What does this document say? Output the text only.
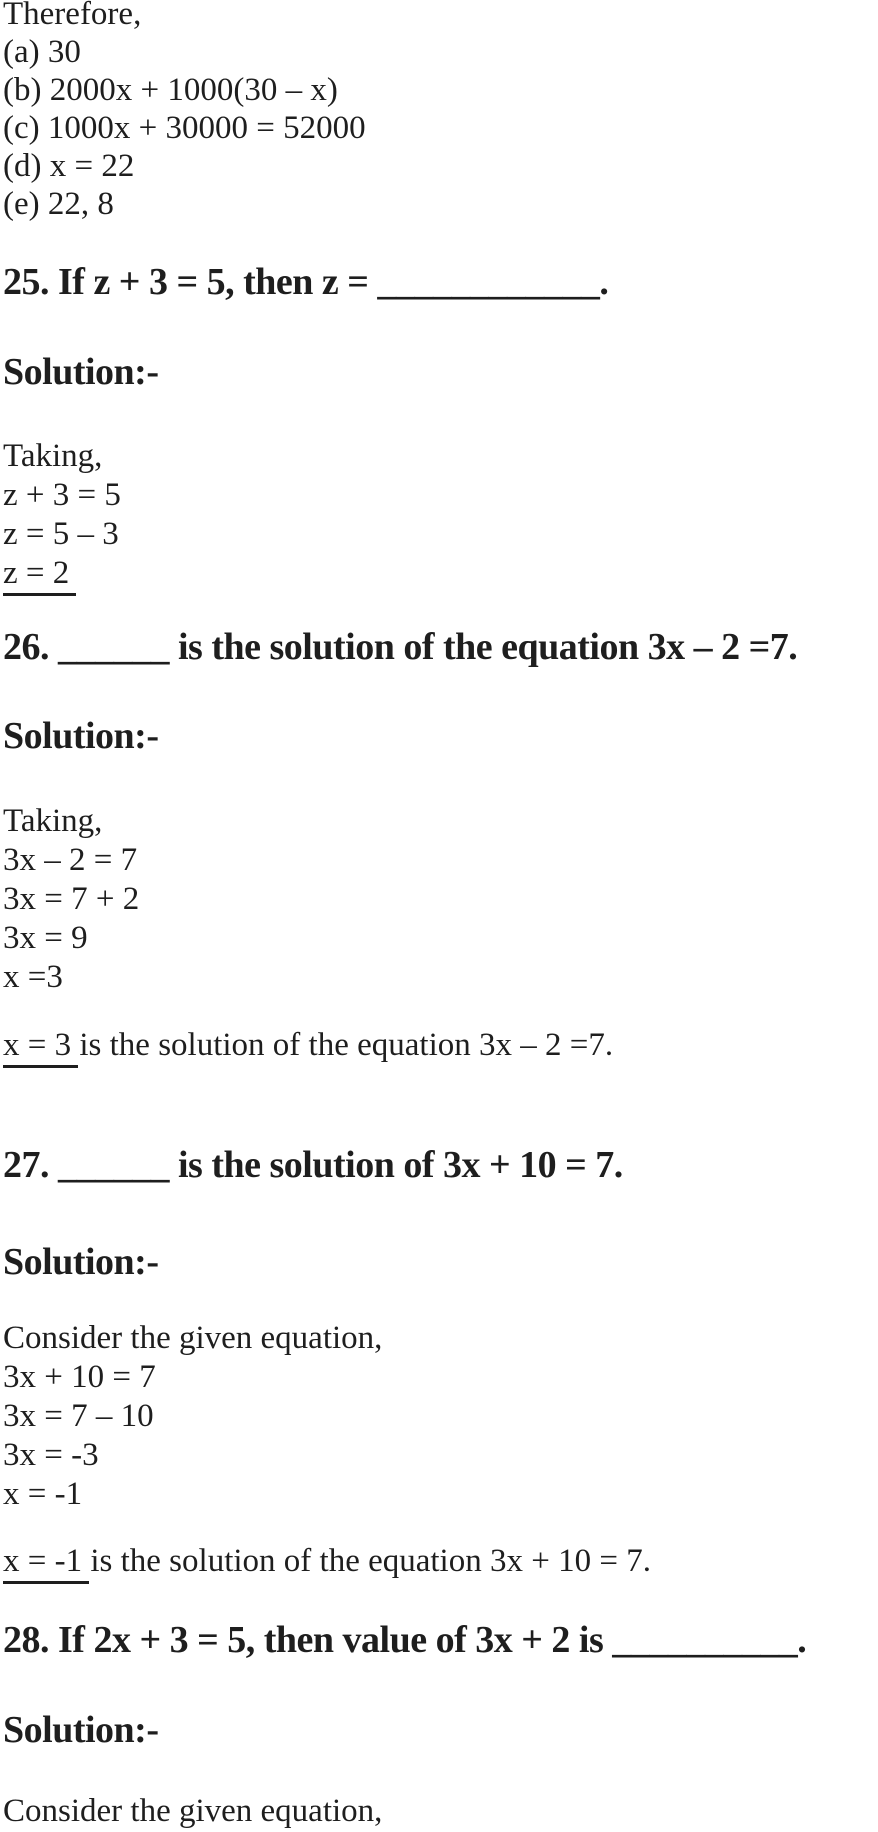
Therefore,
(a) 30
(b) 2000x + 1000(30 – x)
(c) 1000x + 30000 = 52000
(d) x = 22
(e) 22, 8
25. If z + 3 = 5, then z = ____________.
Solution:-
Taking,
z + 3 = 5
z = 5 – 3
z = 2
26. ______ is the solution of the equation 3x – 2 =7.
Solution:-
Taking,
3x – 2 = 7
3x = 7 + 2
3x = 9
x =3
x = 3 is the solution of the equation 3x – 2 =7.
27. ______ is the solution of 3x + 10 = 7.
Solution:-
Consider the given equation,
3x + 10 = 7
3x = 7 – 10
3x = -3
x = -1
x = -1 is the solution of the equation 3x + 10 = 7.
28. If 2x + 3 = 5, then value of 3x + 2 is __________.
Solution:-
Consider the given equation,
